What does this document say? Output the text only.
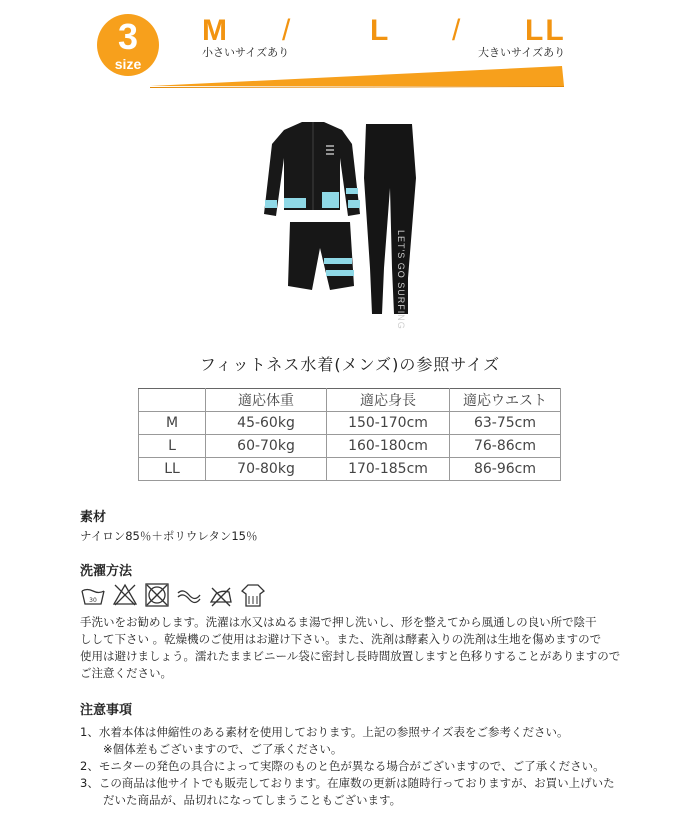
3
size
M /	L / LL
小さいサイズあり	大きいサイズあり
LET'S GO SURFING
フィットネス水着(メンズ)の参照サイズ
	適応体重	適応身長	適応ウエスト
M	45-60kg	150-170cm	63-75cm
L	60-70kg	160-180cm	76-86cm
LL	70-80kg	170-185cm	86-96cm
素材
ナイロン85％＋ポリウレタン15％
洗濯方法
30
手洗いをお勧めします。洗濯は水又はぬるま湯で押し洗いし、形を整えてから風通しの良い所で陰干
しして下さい 。乾燥機のご使用はお避け下さい。また、洗剤は酵素入りの洗剤は生地を傷めますので
使用は避けましょう。濡れたままビニール袋に密封し長時間放置しますと色移りすることがありますので
ご注意ください。
注意事項
1、水着本体は伸縮性のある素材を使用しております。上記の参照サイズ表をご参考ください。
　　※個体差もございますので、ご了承ください。
2、モニターの発色の具合によって実際のものと色が異なる場合がございますので、ご了承ください。
3、この商品は他サイトでも販売しております。在庫数の更新は随時行っておりますが、お買い上げいた
　　だいた商品が、品切れになってしまうこともございます。
